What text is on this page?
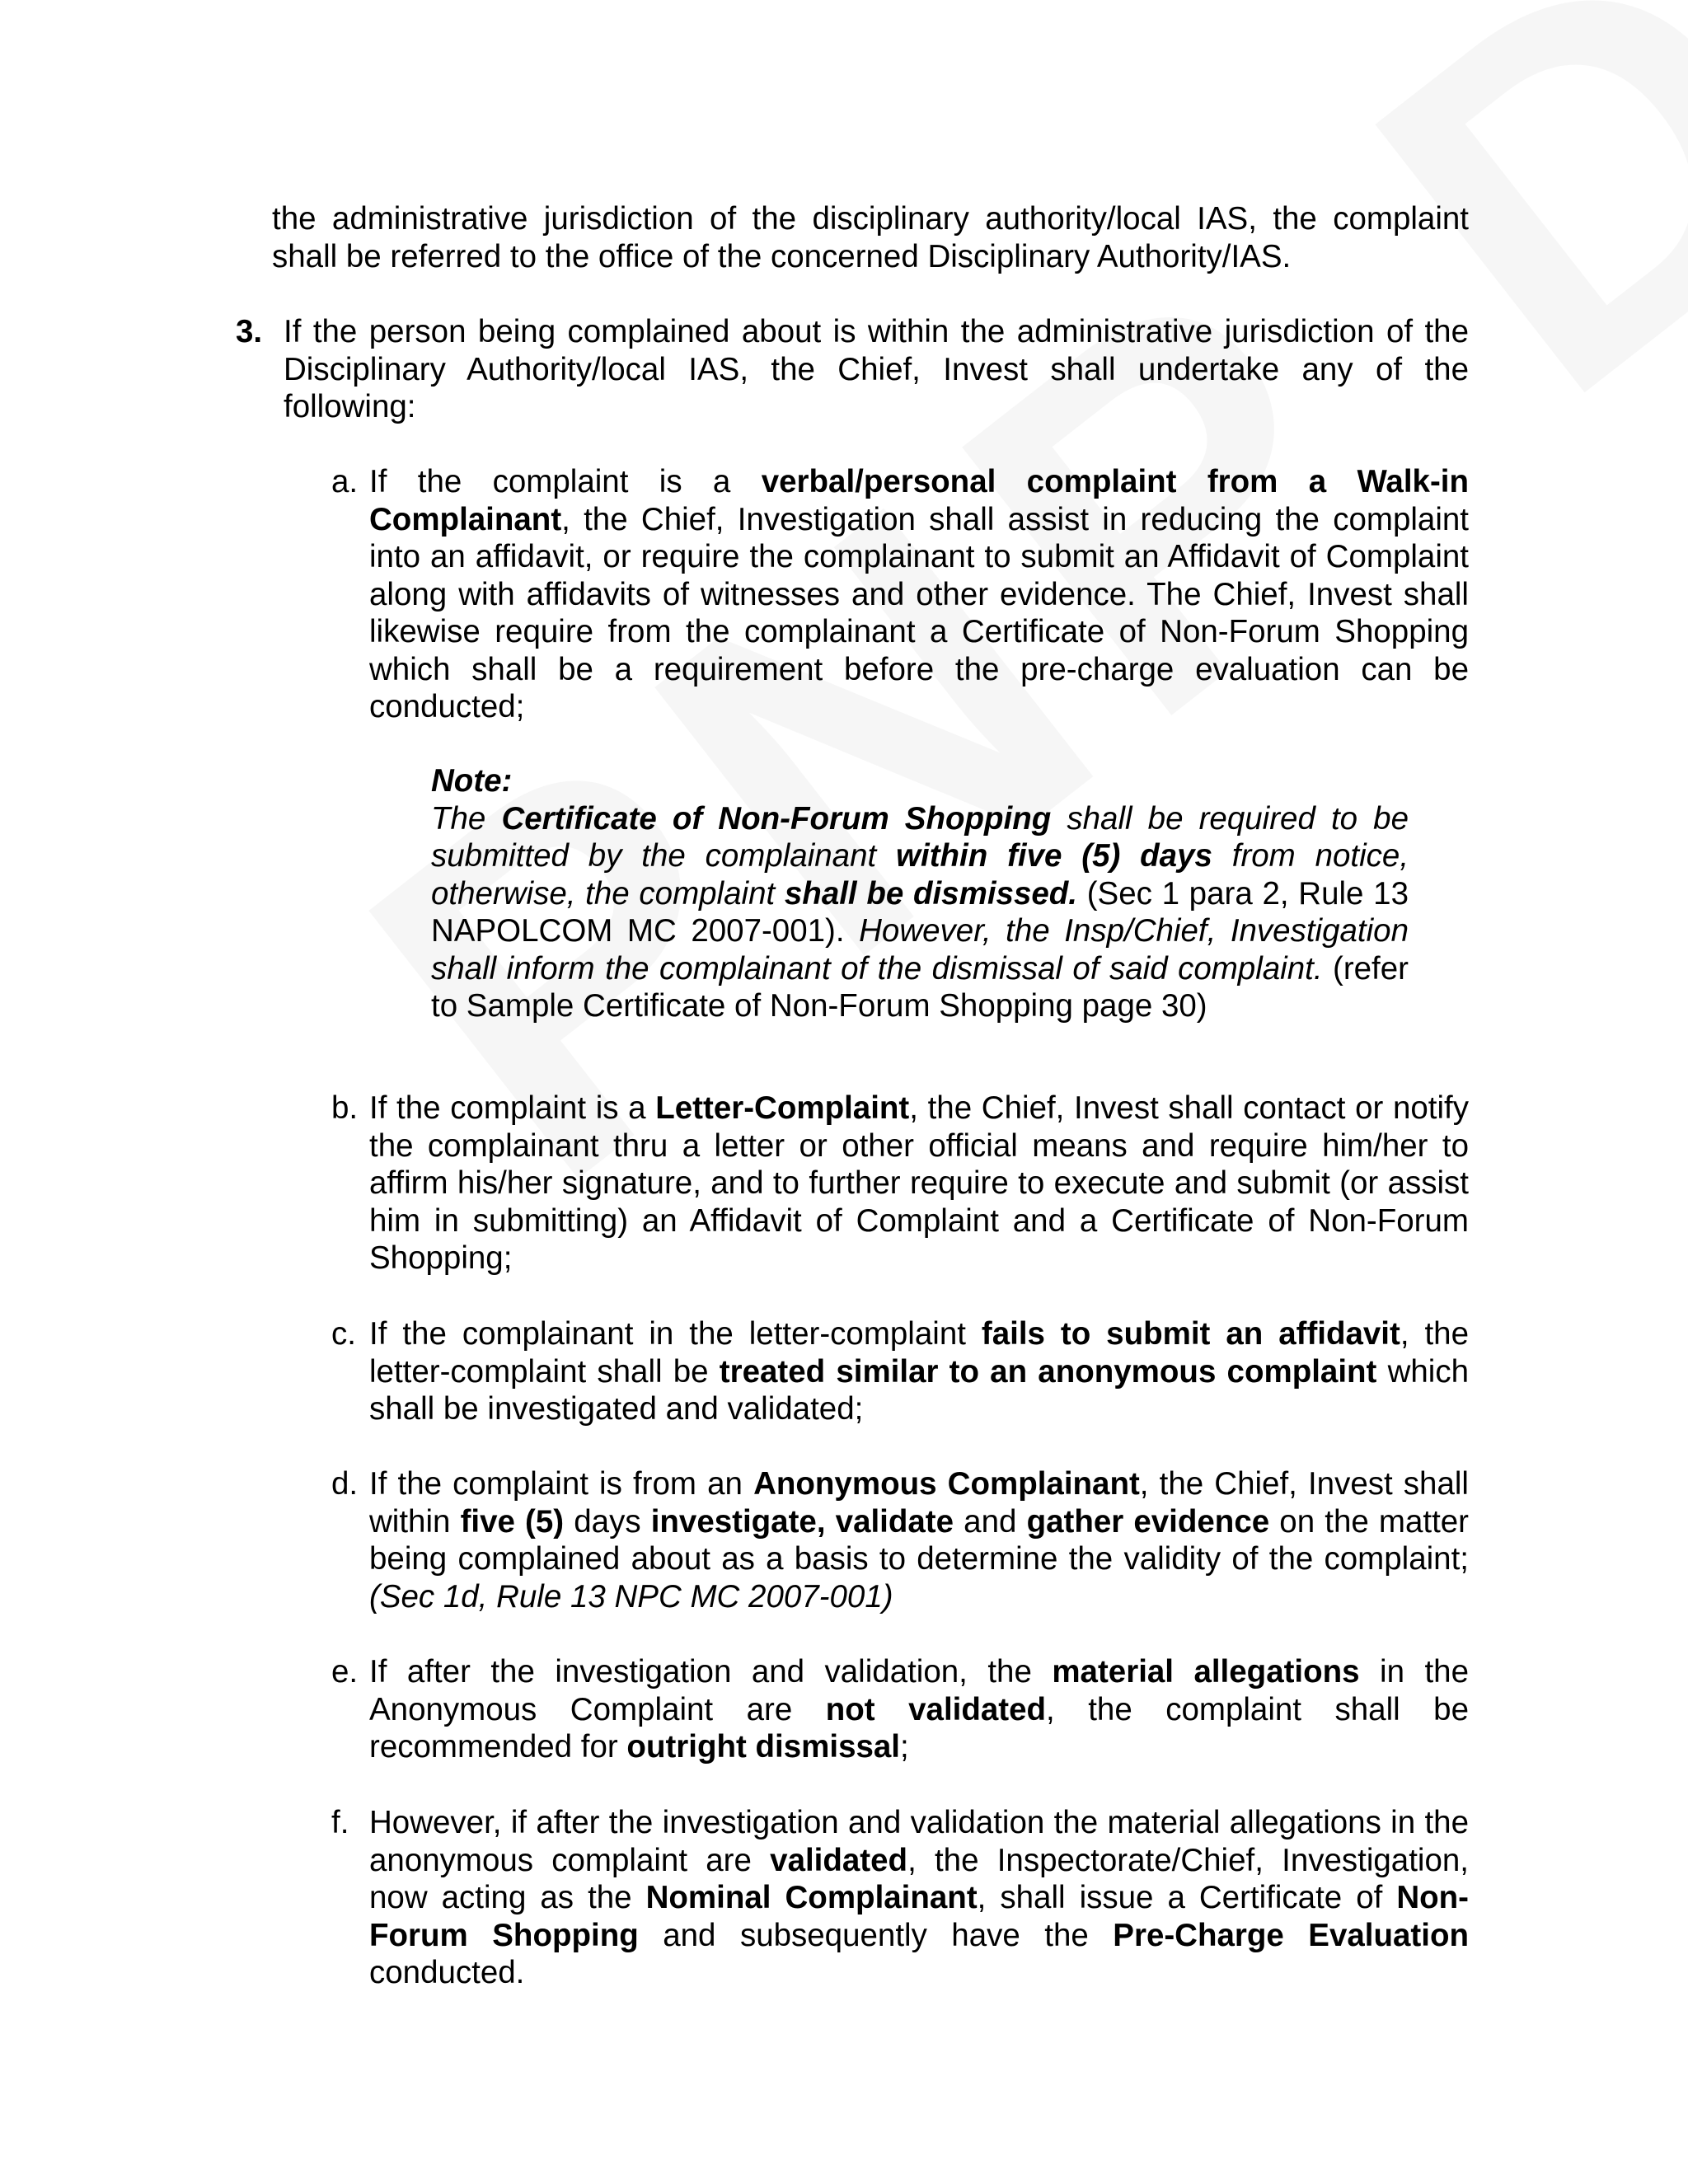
the administrative jurisdiction of the disciplinary authority/local IAS, the complaint shall be referred to the office of the concerned Disciplinary Authority/IAS.

3. If the person being complained about is within the administrative jurisdiction of the Disciplinary Authority/local IAS, the Chief, Invest shall undertake any of the following:
a. If the complaint is a verbal/personal complaint from a Walk-in Complainant, the Chief, Investigation shall assist in reducing the complaint into an affidavit, or require the complainant to submit an Affidavit of Complaint along with affidavits of witnesses and other evidence. The Chief, Invest shall likewise require from the complainant a Certificate of Non-Forum Shopping which shall be a requirement before the pre-charge evaluation can be conducted;
Note:
The Certificate of Non-Forum Shopping shall be required to be submitted by the complainant within five (5) days from notice, otherwise, the complaint shall be dismissed. (Sec 1 para 2, Rule 13 NAPOLCOM MC 2007-001). However, the Insp/Chief, Investigation shall inform the complainant of the dismissal of said complaint. (refer to Sample Certificate of Non-Forum Shopping page 30)
b. If the complaint is a Letter-Complaint, the Chief, Invest shall contact or notify the complainant thru a letter or other official means and require him/her to affirm his/her signature, and to further require to execute and submit (or assist him in submitting) an Affidavit of Complaint and a Certificate of Non-Forum Shopping;
c. If the complainant in the letter-complaint fails to submit an affidavit, the letter-complaint shall be treated similar to an anonymous complaint which shall be investigated and validated;
d. If the complaint is from an Anonymous Complainant, the Chief, Invest shall within five (5) days investigate, validate and gather evidence on the matter being complained about as a basis to determine the validity of the complaint; (Sec 1d, Rule 13 NPC MC 2007-001)
e. If after the investigation and validation, the material allegations in the Anonymous Complaint are not validated, the complaint shall be recommended for outright dismissal;
f. However, if after the investigation and validation the material allegations in the anonymous complaint are validated, the Inspectorate/Chief, Investigation, now acting as the Nominal Complainant, shall issue a Certificate of Non-Forum Shopping and subsequently have the Pre-Charge Evaluation conducted.
